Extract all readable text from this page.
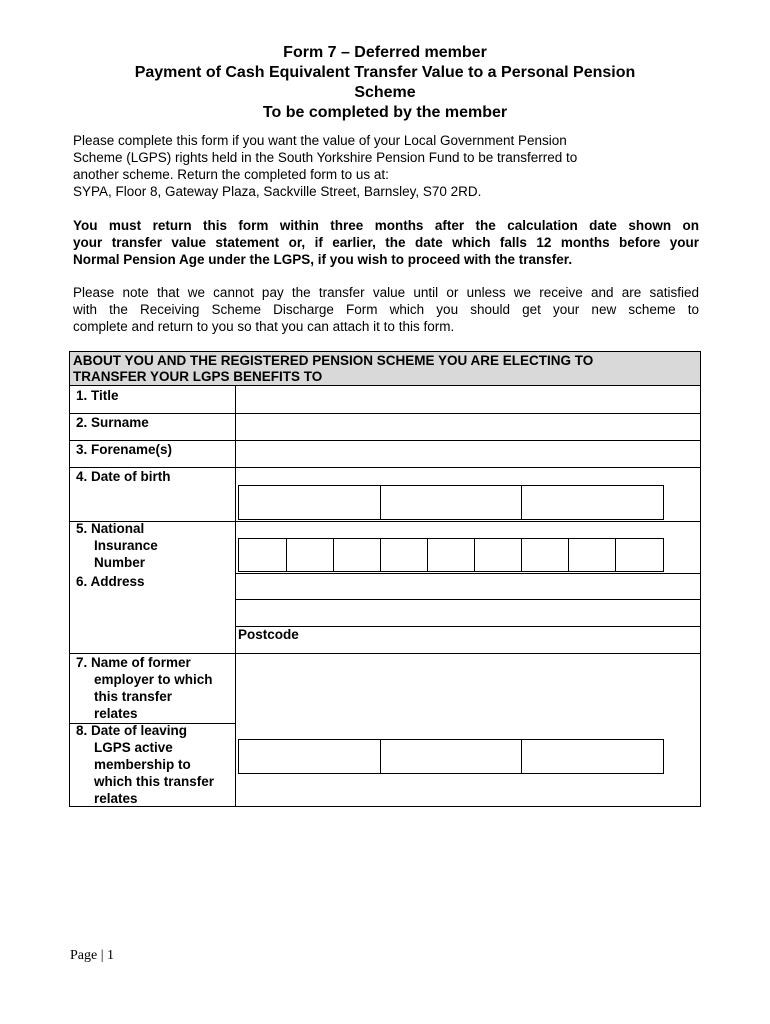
Form 7 – Deferred member
Payment of Cash Equivalent Transfer Value to a Personal Pension
Scheme
To be completed by the member
Please complete this form if you want the value of your Local Government Pension
Scheme (LGPS) rights held in the South Yorkshire Pension Fund to be transferred to
another scheme. Return the completed form to us at:
SYPA, Floor 8, Gateway Plaza, Sackville Street, Barnsley, S70 2RD.
You must return this form within three months after the calculation date shown on
your transfer value statement or, if earlier, the date which falls 12 months before your
Normal Pension Age under the LGPS, if you wish to proceed with the transfer.
Please note that we cannot pay the transfer value until or unless we receive and are satisfied
with the Receiving Scheme Discharge Form which you should get your new scheme to
complete and return to you so that you can attach it to this form.
ABOUT YOU AND THE REGISTERED PENSION SCHEME YOU ARE ELECTING TO
TRANSFER YOUR LGPS BENEFITS TO
1. Title
2. Surname
3. Forename(s)
4. Date of birth
5. National
Insurance
Number
6. Address
Postcode
7. Name of former
employer to which
this transfer
relates
8. Date of leaving
LGPS active
membership to
which this transfer
relates
Page | 1
